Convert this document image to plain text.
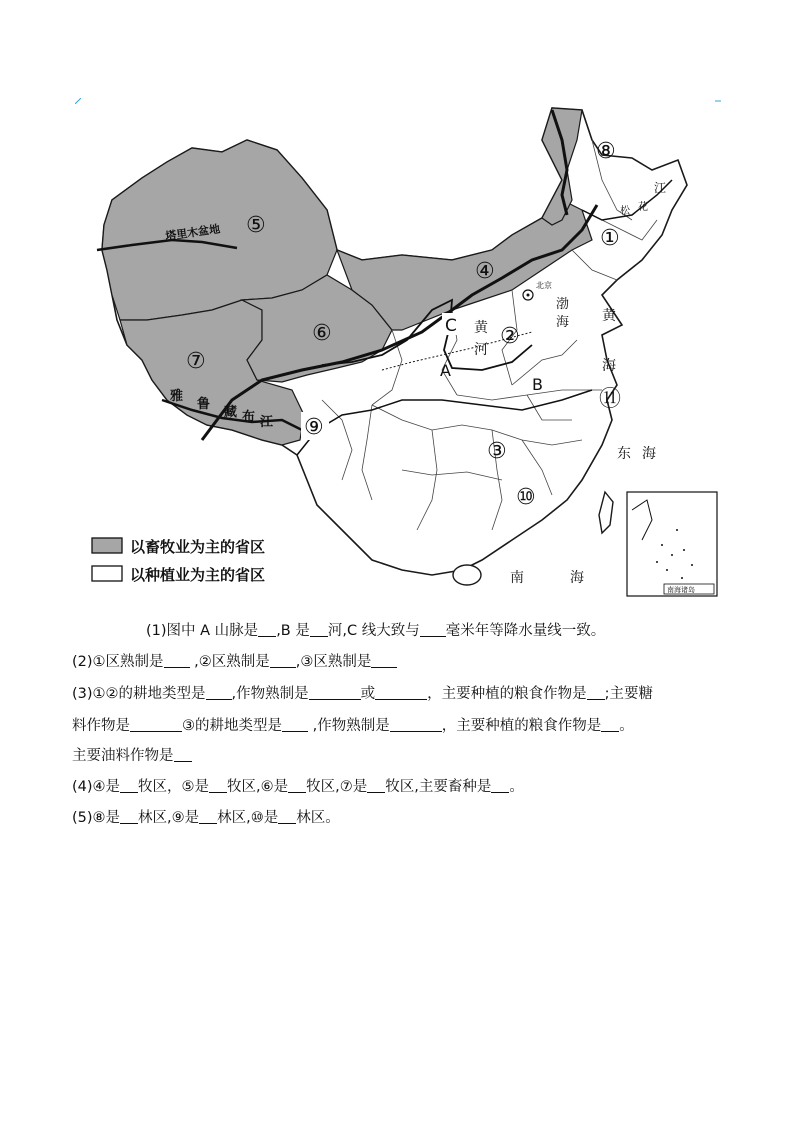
以畜牧业为主的省区
以种植业为主的省区
南海诸岛
①
②
③
④
⑤
⑥
⑦
⑧
⑨
⑩
⑪
C
A
B
塔里木盆地
雅
鲁
藏 布 江
黄
河
渤
海 黄
海
东 海
南	海
江
松 花
北京
(1)图中 A 山脉是 ,B 是 河,C 线大致与 毫米年等降水量线一致。
(2)①区熟制是 ,②区熟制是 ,③区熟制是
(3)①②的耕地类型是 ,作物熟制是	或	，主要种植的粮食作物是 ;主要糖
料作物是	③的耕地类型是 ,作物熟制是	，主要种植的粮食作物是 。
主要油料作物是
(4)④是 牧区，⑤是 牧区,⑥是 牧区,⑦是 牧区,主要畜种是 。
(5)⑧是 林区,⑨是 林区,⑩是 林区。
